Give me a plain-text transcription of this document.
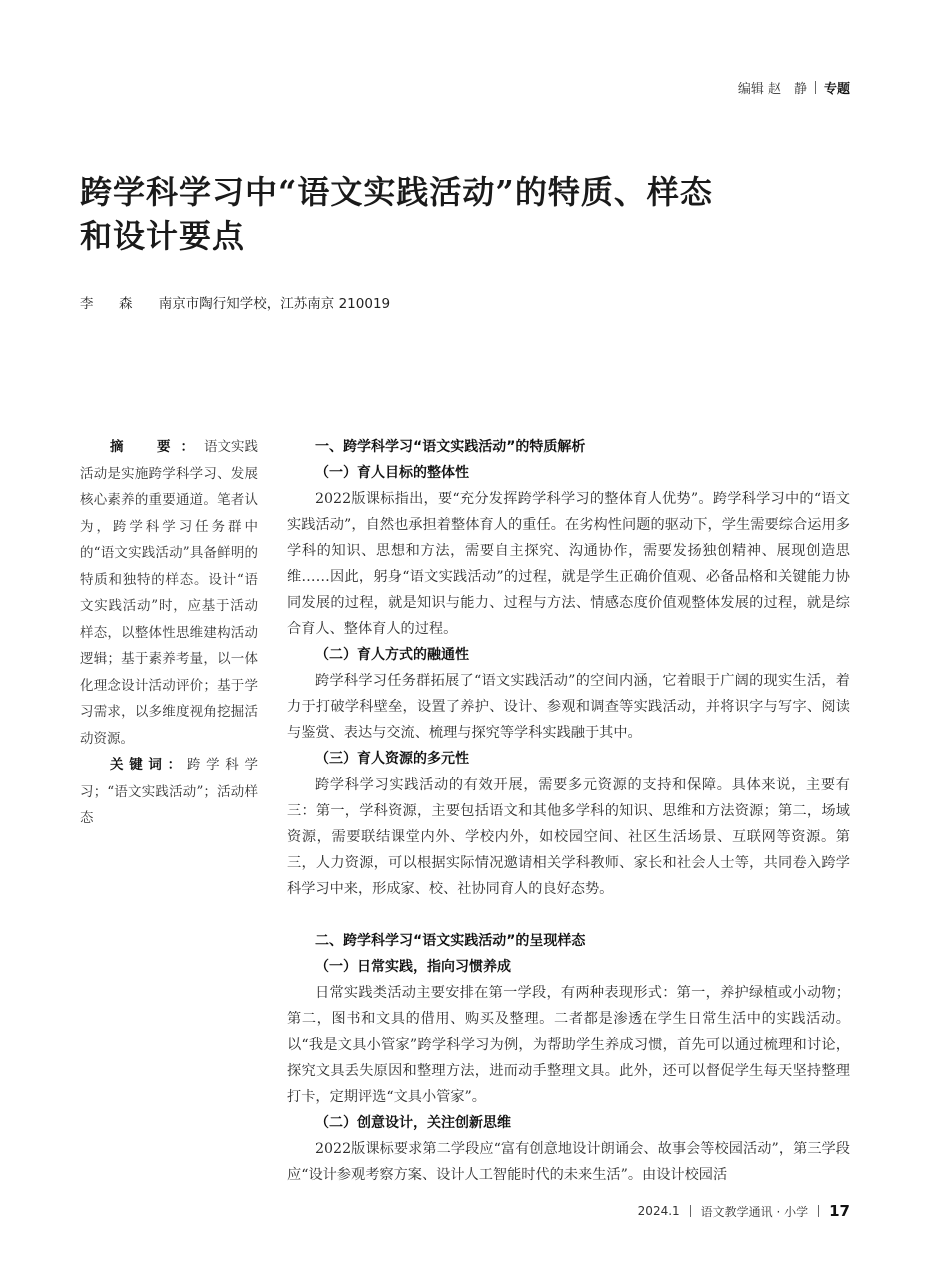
编辑 赵　静 专题
跨学科学习中“语文实践活动”的特质、样态
和设计要点
李　森 南京市陶行知学校，江苏南京 210019

摘　要：语文实践活动是实施跨学科学习、发展核心素养的重要通道。笔者认为，跨学科学习任务群中的“语文实践活动”具备鲜明的特质和独特的样态。设计“语文实践活动”时，应基于活动样态，以整体性思维建构活动逻辑；基于素养考量，以一体化理念设计活动评价；基于学习需求，以多维度视角挖掘活动资源。

关键词：跨学科学习；“语文实践活动”；活动样态

一、跨学科学习“语文实践活动”的特质解析
（一）育人目标的整体性

2022版课标指出，要“充分发挥跨学科学习的整体育人优势”。跨学科学习中的“语文实践活动”，自然也承担着整体育人的重任。在劣构性问题的驱动下，学生需要综合运用多学科的知识、思想和方法，需要自主探究、沟通协作，需要发扬独创精神、展现创造思维……因此，躬身“语文实践活动”的过程，就是学生正确价值观、必备品格和关键能力协同发展的过程，就是知识与能力、过程与方法、情感态度价值观整体发展的过程，就是综合育人、整体育人的过程。

（二）育人方式的融通性

跨学科学习任务群拓展了“语文实践活动”的空间内涵，它着眼于广阔的现实生活，着力于打破学科壁垒，设置了养护、设计、参观和调查等实践活动，并将识字与写字、阅读与鉴赏、表达与交流、梳理与探究等学科实践融于其中。

（三）育人资源的多元性

跨学科学习实践活动的有效开展，需要多元资源的支持和保障。具体来说，主要有三：第一，学科资源，主要包括语文和其他多学科的知识、思维和方法资源；第二，场域资源，需要联结课堂内外、学校内外，如校园空间、社区生活场景、互联网等资源。第三，人力资源，可以根据实际情况邀请相关学科教师、家长和社会人士等，共同卷入跨学科学习中来，形成家、校、社协同育人的良好态势。

二、跨学科学习“语文实践活动”的呈现样态
（一）日常实践，指向习惯养成

日常实践类活动主要安排在第一学段，有两种表现形式：第一，养护绿植或小动物；第二，图书和文具的借用、购买及整理。二者都是渗透在学生日常生活中的实践活动。以“我是文具小管家”跨学科学习为例，为帮助学生养成习惯，首先可以通过梳理和讨论，探究文具丢失原因和整理方法，进而动手整理文具。此外，还可以督促学生每天坚持整理打卡，定期评选“文具小管家”。

（二）创意设计，关注创新思维

2022版课标要求第二学段应“富有创意地设计朗诵会、故事会等校园活动”，第三学段应“设计参观考察方案、设计人工智能时代的未来生活”。由设计校园活

2024.1 语文教学通讯 · 小学 17
